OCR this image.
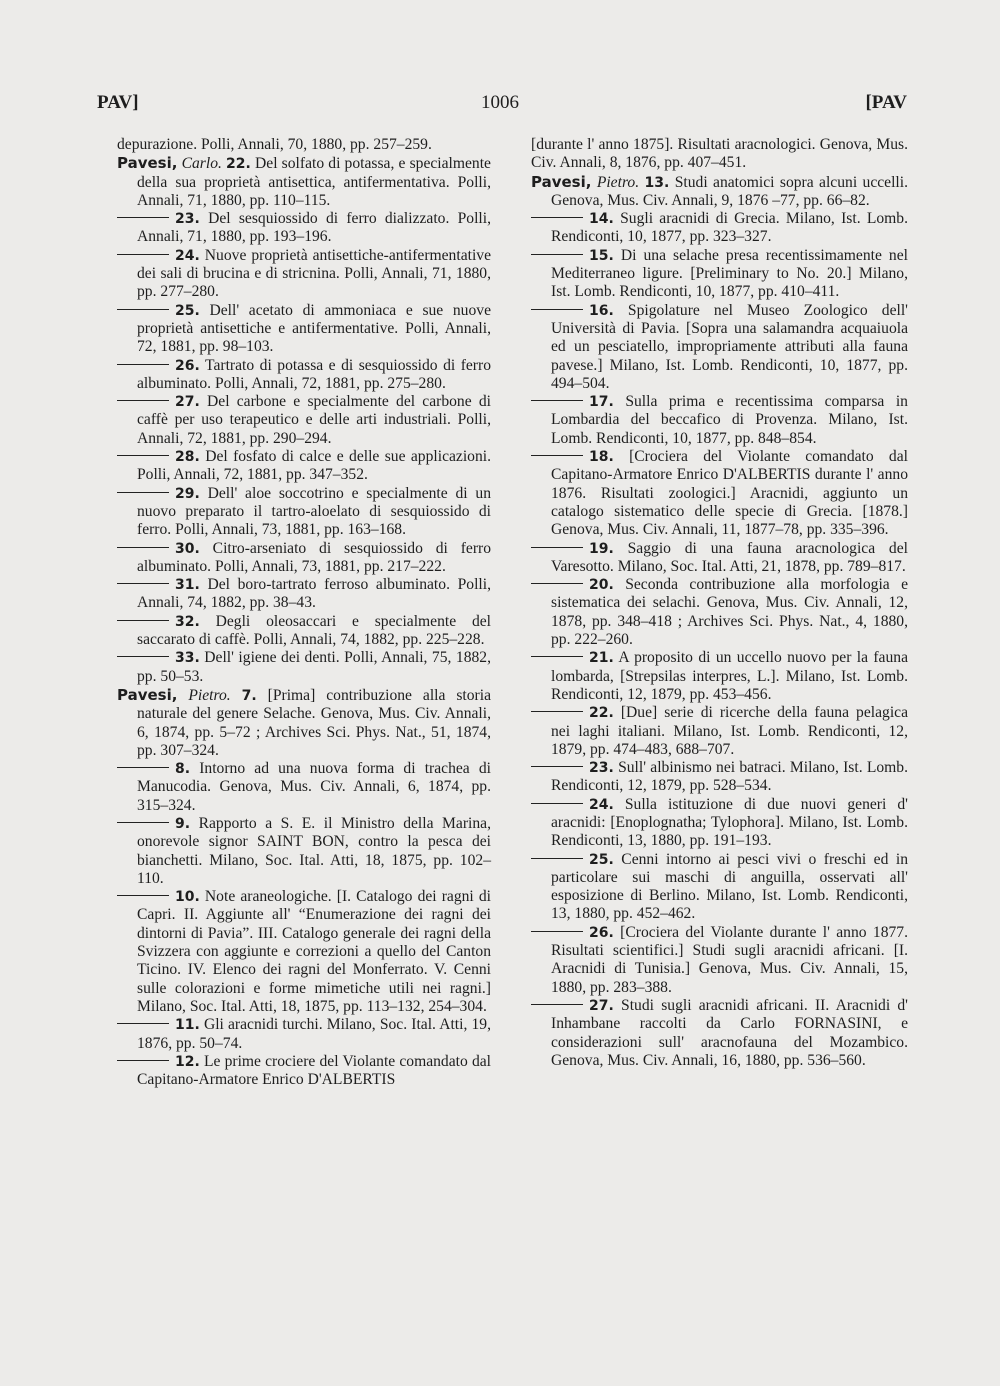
PAV]	1006	[PAV

depurazione. Polli, Annali, 70, 1880, pp. 257–259.

Pavesi, Carlo. 22. Del solfato di potassa, e specialmente della sua proprietà antisettica, antifermentativa. Polli, Annali, 71, 1880, pp. 110–115.

23. Del sesquiossido di ferro dializzato. Polli, Annali, 71, 1880, pp. 193–196.

24. Nuove proprietà antisettiche-antifermentative dei sali di brucina e di stricnina. Polli, Annali, 71, 1880, pp. 277–280.

25. Dell' acetato di ammoniaca e sue nuove proprietà antisettiche e antifermentative. Polli, Annali, 72, 1881, pp. 98–103.

26. Tartrato di potassa e di sesquiossido di ferro albuminato. Polli, Annali, 72, 1881, pp. 275–280.

27. Del carbone e specialmente del carbone di caffè per uso terapeutico e delle arti industriali. Polli, Annali, 72, 1881, pp. 290–294.

28. Del fosfato di calce e delle sue applicazioni. Polli, Annali, 72, 1881, pp. 347–352.

29. Dell' aloe soccotrino e specialmente di un nuovo preparato il tartro-aloelato di sesquiossido di ferro. Polli, Annali, 73, 1881, pp. 163–168.

30. Citro-arseniato di sesquiossido di ferro albuminato. Polli, Annali, 73, 1881, pp. 217–222.

31. Del boro-tartrato ferroso albuminato. Polli, Annali, 74, 1882, pp. 38–43.

32. Degli oleosaccari e specialmente del saccarato di caffè. Polli, Annali, 74, 1882, pp. 225–228.

33. Dell' igiene dei denti. Polli, Annali, 75, 1882, pp. 50–53.

Pavesi, Pietro. 7. [Prima] contribuzione alla storia naturale del genere Selache. Genova, Mus. Civ. Annali, 6, 1874, pp. 5–72 ; Archives Sci. Phys. Nat., 51, 1874, pp. 307–324.

8. Intorno ad una nuova forma di trachea di Manucodia. Genova, Mus. Civ. Annali, 6, 1874, pp. 315–324.

9. Rapporto a S. E. il Ministro della Marina, onorevole signor SAINT BON, contro la pesca dei bianchetti. Milano, Soc. Ital. Atti, 18, 1875, pp. 102–110.

10. Note araneologiche. [I. Catalogo dei ragni di Capri. II. Aggiunte all' “Enumerazione dei ragni dei dintorni di Pavia”. III. Catalogo generale dei ragni della Svizzera con aggiunte e correzioni a quello del Canton Ticino. IV. Elenco dei ragni del Monferrato. V. Cenni sulle colorazioni e forme mimetiche utili nei ragni.] Milano, Soc. Ital. Atti, 18, 1875, pp. 113–132, 254–304.

11. Gli aracnidi turchi. Milano, Soc. Ital. Atti, 19, 1876, pp. 50–74.

12. Le prime crociere del Violante comandato dal Capitano-Armatore Enrico D'ALBERTIS

[durante l' anno 1875]. Risultati aracnologici. Genova, Mus. Civ. Annali, 8, 1876, pp. 407–451.

Pavesi, Pietro. 13. Studi anatomici sopra alcuni uccelli. Genova, Mus. Civ. Annali, 9, 1876 –77, pp. 66–82.

14. Sugli aracnidi di Grecia. Milano, Ist. Lomb. Rendiconti, 10, 1877, pp. 323–327.

15. Di una selache presa recentissimamente nel Mediterraneo ligure. [Preliminary to No. 20.] Milano, Ist. Lomb. Rendiconti, 10, 1877, pp. 410–411.

16. Spigolature nel Museo Zoologico dell' Università di Pavia. [Sopra una salamandra acquaiuola ed un pesciatello, impropriamente attributi alla fauna pavese.] Milano, Ist. Lomb. Rendiconti, 10, 1877, pp. 494–504.

17. Sulla prima e recentissima comparsa in Lombardia del beccafico di Provenza. Milano, Ist. Lomb. Rendiconti, 10, 1877, pp. 848–854.

18. [Crociera del Violante comandato dal Capitano-Armatore Enrico D'ALBERTIS durante l' anno 1876. Risultati zoologici.] Aracnidi, aggiunto un catalogo sistematico delle specie di Grecia. [1878.] Genova, Mus. Civ. Annali, 11, 1877–78, pp. 335–396.

19. Saggio di una fauna aracnologica del Varesotto. Milano, Soc. Ital. Atti, 21, 1878, pp. 789–817.

20. Seconda contribuzione alla morfologia e sistematica dei selachi. Genova, Mus. Civ. Annali, 12, 1878, pp. 348–418 ; Archives Sci. Phys. Nat., 4, 1880, pp. 222–260.

21. A proposito di un uccello nuovo per la fauna lombarda, [Strepsilas interpres, L.]. Milano, Ist. Lomb. Rendiconti, 12, 1879, pp. 453–456.

22. [Due] serie di ricerche della fauna pelagica nei laghi italiani. Milano, Ist. Lomb. Rendiconti, 12, 1879, pp. 474–483, 688–707.

23. Sull' albinismo nei batraci. Milano, Ist. Lomb. Rendiconti, 12, 1879, pp. 528–534.

24. Sulla istituzione di due nuovi generi d' aracnidi: [Enoplognatha; Tylophora]. Milano, Ist. Lomb. Rendiconti, 13, 1880, pp. 191–193.

25. Cenni intorno ai pesci vivi o freschi ed in particolare sui maschi di anguilla, osservati all' esposizione di Berlino. Milano, Ist. Lomb. Rendiconti, 13, 1880, pp. 452–462.

26. [Crociera del Violante durante l' anno 1877. Risultati scientifici.] Studi sugli aracnidi africani. [I. Aracnidi di Tunisia.] Genova, Mus. Civ. Annali, 15, 1880, pp. 283–388.

27. Studi sugli aracnidi africani. II. Aracnidi d' Inhambane raccolti da Carlo FORNASINI, e considerazioni sull' aracnofauna del Mozambico. Genova, Mus. Civ. Annali, 16, 1880, pp. 536–560.
